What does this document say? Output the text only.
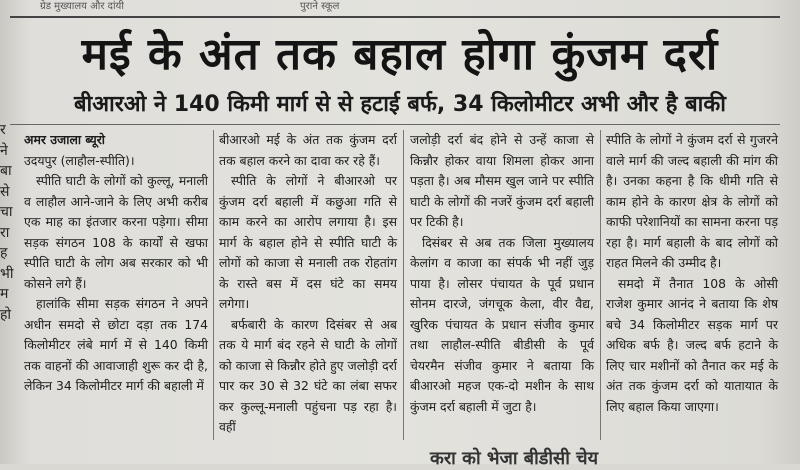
ग्रेड मुख्यालय और दांयी	पुराने स्कूल
मई के अंत तक बहाल होगा कुंजम दर्रा
बीआरओ ने 140 किमी मार्ग से से हटाई बर्फ, 34 किलोमीटर अभी और है बाकी
र ने बा से चा रा ह भी म हो

अमर उजाला ब्यूरो

उदयपुर (लाहौल-स्पीति)।

स्पीति घाटी के लोगों को कुल्लू, मनाली व लाहौल आने-जाने के लिए अभी करीब एक माह का इंतजार करना पड़ेगा। सीमा सड़क संगठन 108 के कार्यों से खफा स्पीति घाटी के लोग अब सरकार को भी कोसने लगे हैं।

हालांकि सीमा सड़क संगठन ने अपने अधीन समदो से छोटा दड़ा तक 174 किलोमीटर लंबे मार्ग में से 140 किमी तक वाहनों की आवाजाही शुरू कर दी है, लेकिन 34 किलोमीटर मार्ग की बहाली में

बीआरओ मई के अंत तक कुंजम दर्रा तक बहाल करने का दावा कर रहे हैं।

स्पीति के लोगों ने बीआरओ पर कुंजम दर्रा बहाली में कछुआ गति से काम करने का आरोप लगाया है। इस मार्ग के बहाल होने से स्पीति घाटी के लोगों को काजा से मनाली तक रोहतांग के रास्ते बस में दस घंटे का समय लगेगा।

बर्फबारी के कारण दिसंबर से अब तक ये मार्ग बंद रहने से घाटी के लोगों को काजा से किन्नौर होते हुए जलोड़ी दर्रा पार कर 30 से 32 घंटे का लंबा सफर कर कुल्लू-मनाली पहुंचना पड़ रहा है। वहीं

जलोड़ी दर्रा बंद होने से उन्हें काजा से किन्नौर होकर वाया शिमला होकर आना पड़ता है। अब मौसम खुल जाने पर स्पीति घाटी के लोगों की नजरें कुंजम दर्रा बहाली पर टिकी है।

दिसंबर से अब तक जिला मुख्यालय केलांग व काजा का संपर्क भी नहीं जुड़ पाया है। लोसर पंचायत के पूर्व प्रधान सोनम दारजे, जंगचूक केला, वीर वैद्य, खुरिक पंचायत के प्रधान संजीव कुमार तथा लाहौल-स्पीति बीडीसी के पूर्व चेयरमैन संजीव कुमार ने बताया कि बीआरओ महज एक-दो मशीन के साथ कुंजम दर्रा बहाली में जुटा है।

स्पीति के लोगों ने कुंजम दर्रा से गुजरने वाले मार्ग की जल्द बहाली की मांग की है। उनका कहना है कि धीमी गति से काम होने के कारण क्षेत्र के लोगों को काफी परेशानियों का सामना करना पड़ रहा है। मार्ग बहाली के बाद लोगों को राहत मिलने की उम्मीद है।

समदो में तैनात 108 के ओसी राजेश कुमार आनंद ने बताया कि शेष बचे 34 किलोमीटर सड़क मार्ग पर अधिक बर्फ है। जल्द बर्फ हटाने के लिए चार मशीनों को तैनात कर मई के अंत तक कुंजम दर्रा को यातायात के लिए बहाल किया जाएगा।

करा को भेजा बीडीसी चेय
